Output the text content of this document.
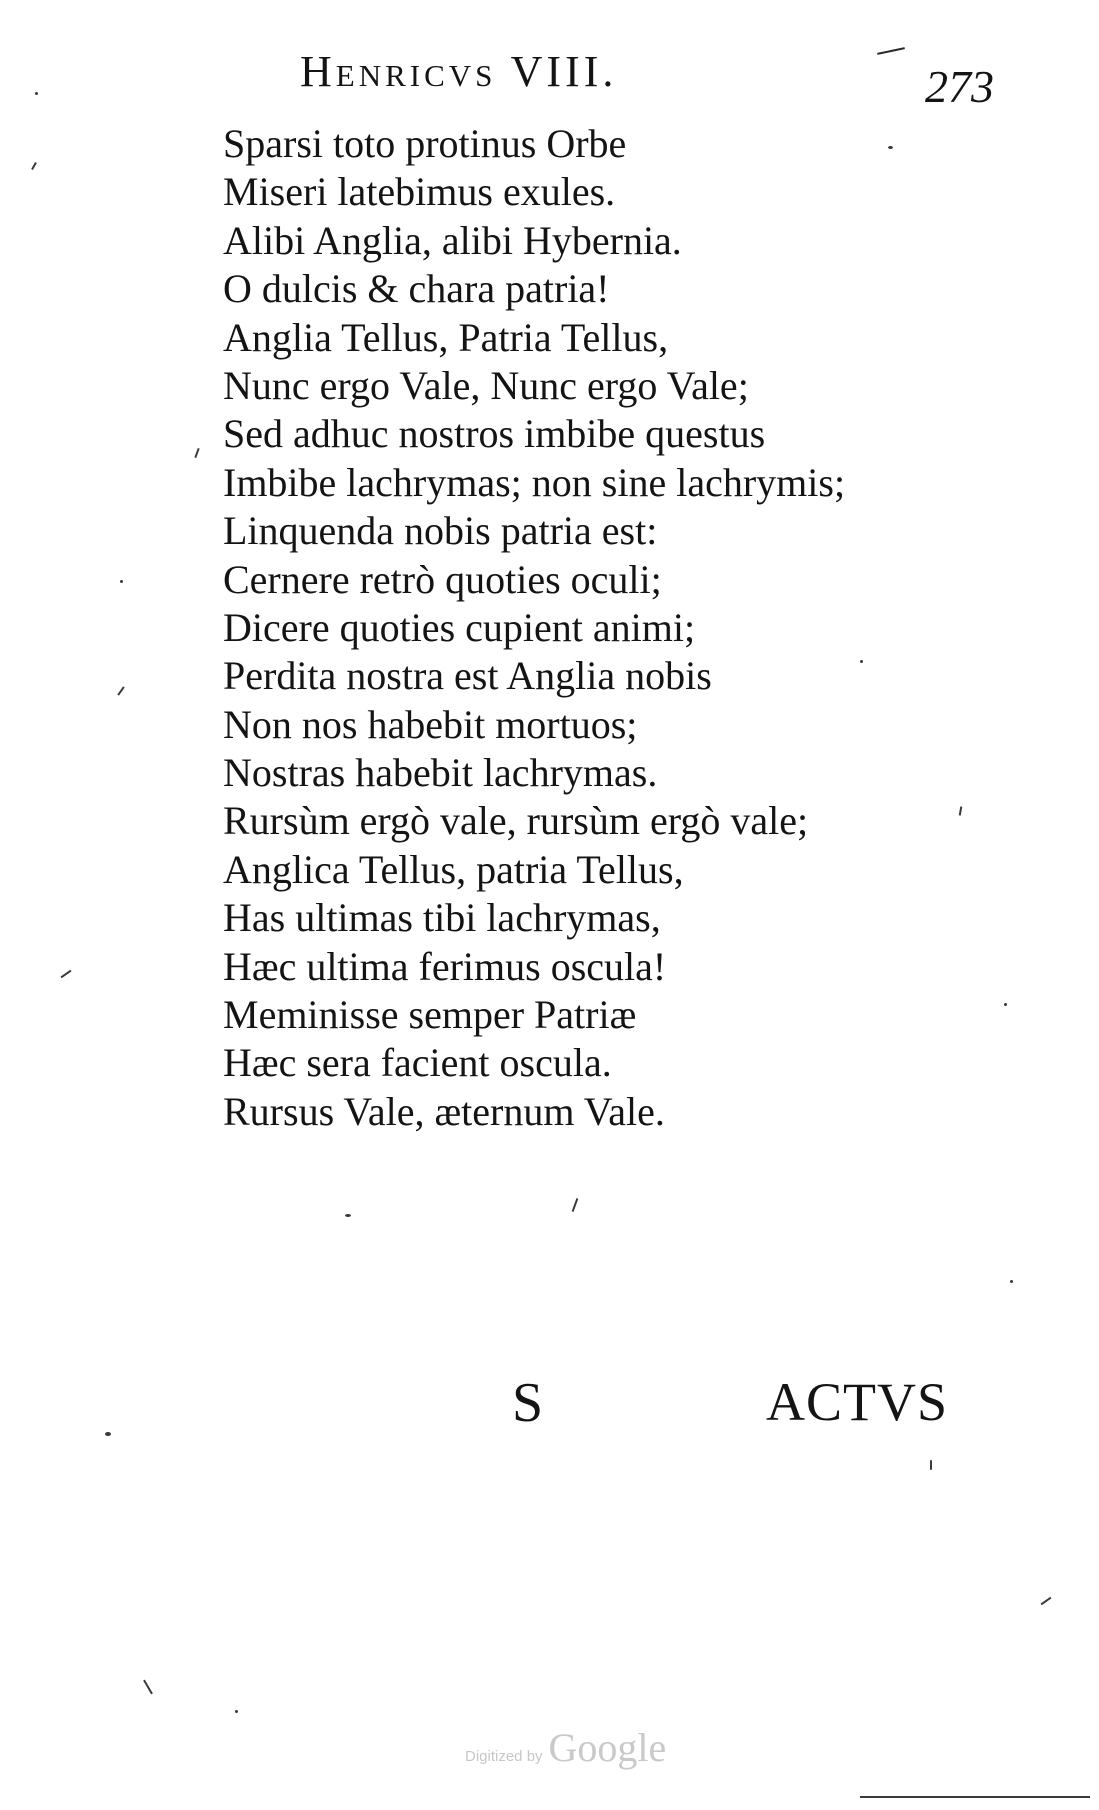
Henricvs VIII.	273
Sparsi toto protinus Orbe
Miseri latebimus exules.
Alibi Anglia, alibi Hybernia.
O dulcis & chara patria!
Anglia Tellus, Patria Tellus,
Nunc ergo Vale, Nunc ergo Vale;
Sed adhuc nostros imbibe questus
Imbibe lachrymas; non sine lachrymis;
Linquenda nobis patria est:
Cernere retrò quoties oculi;
Dicere quoties cupient animi;
Perdita nostra est Anglia nobis
Non nos habebit mortuos;
Nostras habebit lachrymas.
Rursùm ergò vale, rursùm ergò vale;
Anglica Tellus, patria Tellus,
Has ultimas tibi lachrymas,
Hæc ultima ferimus oscula!
Meminisse semper Patriæ
Hæc sera facient oscula.
Rursus Vale, æternum Vale.
S	ACTVS
Digitized by Google
